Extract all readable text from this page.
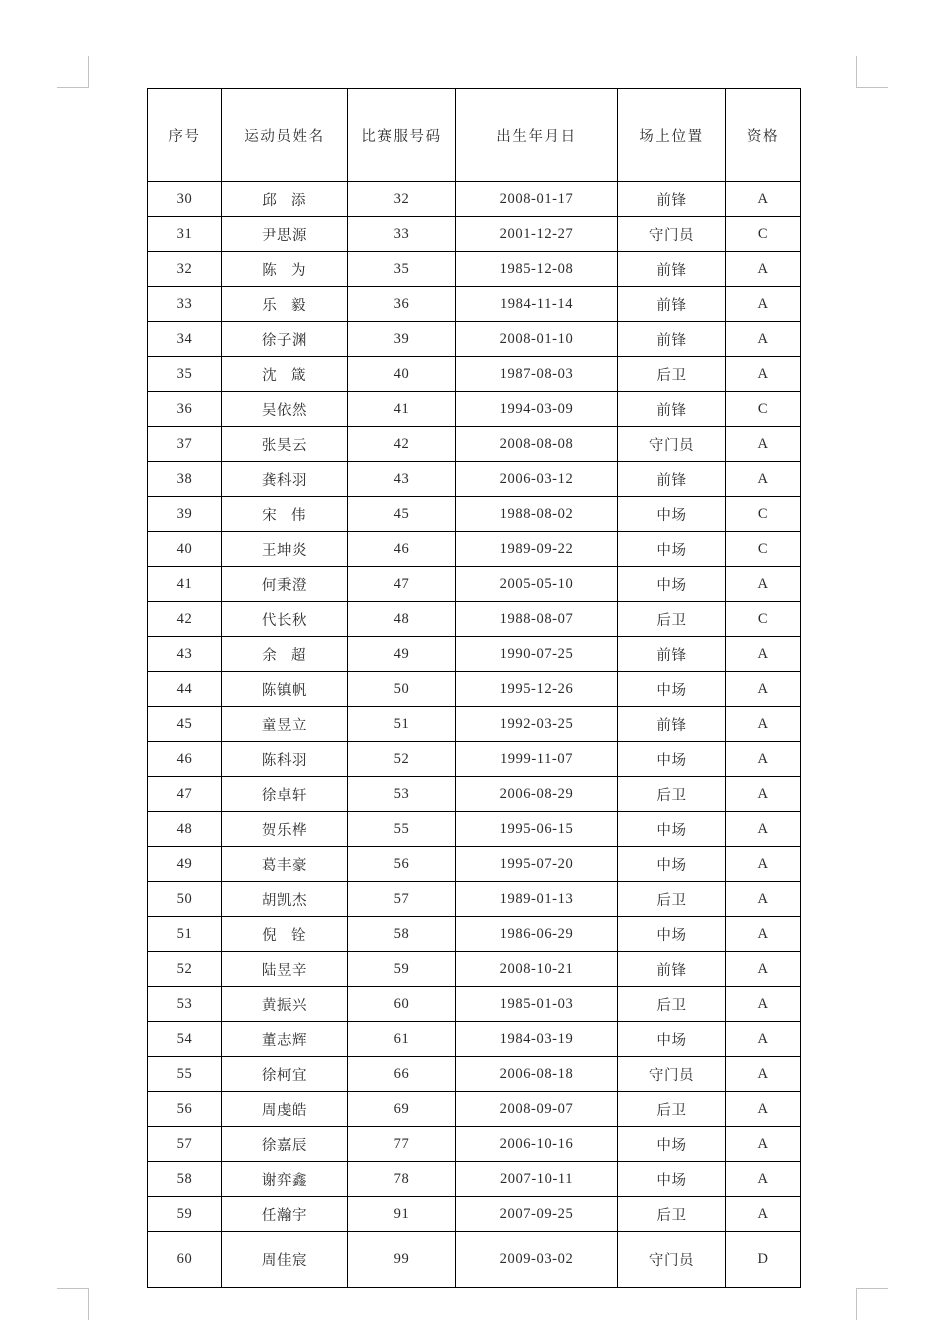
序号	运动员姓名	比赛服号码	出生年月日	场上位置	资格
30	邱 添	32	2008-01-17	前锋	A
31	尹思源	33	2001-12-27	守门员	C
32	陈 为	35	1985-12-08	前锋	A
33	乐 毅	36	1984-11-14	前锋	A
34	徐子渊	39	2008-01-10	前锋	A
35	沈 箴	40	1987-08-03	后卫	A
36	吴依然	41	1994-03-09	前锋	C
37	张昊云	42	2008-08-08	守门员	A
38	龚科羽	43	2006-03-12	前锋	A
39	宋 伟	45	1988-08-02	中场	C
40	王坤炎	46	1989-09-22	中场	C
41	何秉澄	47	2005-05-10	中场	A
42	代长秋	48	1988-08-07	后卫	C
43	余 超	49	1990-07-25	前锋	A
44	陈镇帆	50	1995-12-26	中场	A
45	童昱立	51	1992-03-25	前锋	A
46	陈科羽	52	1999-11-07	中场	A
47	徐卓轩	53	2006-08-29	后卫	A
48	贺乐桦	55	1995-06-15	中场	A
49	葛丰豪	56	1995-07-20	中场	A
50	胡凯杰	57	1989-01-13	后卫	A
51	倪 铨	58	1986-06-29	中场	A
52	陆昱辛	59	2008-10-21	前锋	A
53	黄振兴	60	1985-01-03	后卫	A
54	董志辉	61	1984-03-19	中场	A
55	徐柯宜	66	2006-08-18	守门员	A
56	周虔皓	69	2008-09-07	后卫	A
57	徐嘉辰	77	2006-10-16	中场	A
58	谢弈鑫	78	2007-10-11	中场	A
59	任瀚宇	91	2007-09-25	后卫	A
60	周佳宸	99	2009-03-02	守门员	D
